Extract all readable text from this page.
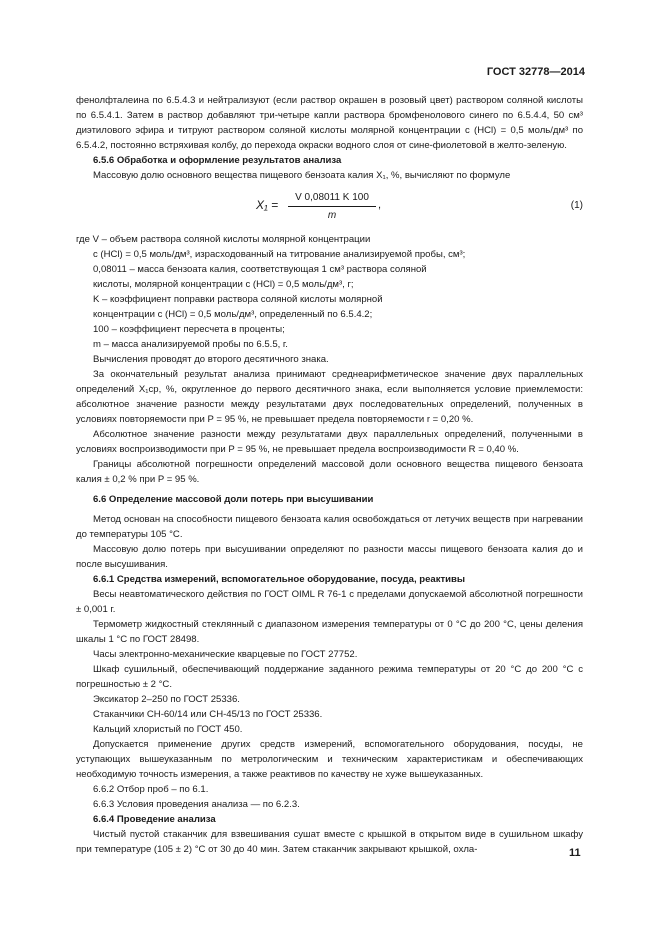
ГОСТ 32778—2014

фенолфталеина по 6.5.4.3 и нейтрализуют (если раствор окрашен в розовый цвет) раствором соляной кислоты по 6.5.4.1. Затем в раствор добавляют три-четыре капли раствора бромфенолового синего по 6.5.4.4, 50 см³ диэтилового эфира и титруют раствором соляной кислоты молярной концентрации c (HCl) = 0,5 моль/дм³ по 6.5.4.2, постоянно встряхивая колбу, до перехода окраски водного слоя от сине-фиолетовой в желто-зеленую.

6.5.6 Обработка и оформление результатов анализа

Массовую долю основного вещества пищевого бензоата калия X₁, %, вычисляют по формуле

$X_1 = \frac{V 0,08011 K 100}{m}$ ,	(1)

где V – объем раствора соляной кислоты молярной концентрации

c (HCl) = 0,5 моль/дм³, израсходованный на титрование анализируемой пробы, см³;

0,08011 – масса бензоата калия, соответствующая 1 см³ раствора соляной

кислоты, молярной концентрации c (HCl) = 0,5 моль/дм³, г;

K – коэффициент поправки раствора соляной кислоты молярной

концентрации c (HCl) = 0,5 моль/дм³, определенный по 6.5.4.2;

100 – коэффициент пересчета в проценты;

m – масса анализируемой пробы по 6.5.5, г.

Вычисления проводят до второго десятичного знака.

За окончательный результат анализа принимают среднеарифметическое значение двух параллельных определений X₁ср, %, округленное до первого десятичного знака, если выполняется условие приемлемости: абсолютное значение разности между результатами двух последовательных определений, полученных в условиях повторяемости при P = 95 %, не превышает предела повторяемости r = 0,20 %.

Абсолютное значение разности между результатами двух параллельных определений, полученными в условиях воспроизводимости при P = 95 %, не превышает предела воспроизводимости R = 0,40 %.

Границы абсолютной погрешности определений массовой доли основного вещества пищевого бензоата калия ± 0,2 % при P = 95 %.

6.6 Определение массовой доли потерь при высушивании

Метод основан на способности пищевого бензоата калия освобождаться от летучих веществ при нагревании до температуры 105 °С.

Массовую долю потерь при высушивании определяют по разности массы пищевого бензоата калия до и после высушивания.

6.6.1 Средства измерений, вспомогательное оборудование, посуда, реактивы

Весы неавтоматического действия по ГОСТ OIML R 76-1 с пределами допускаемой абсолютной погрешности ± 0,001 г.

Термометр жидкостный стеклянный с диапазоном измерения температуры от 0 °С до 200 °С, цены деления шкалы 1 °С по ГОСТ 28498.

Часы электронно-механические кварцевые по ГОСТ 27752.

Шкаф сушильный, обеспечивающий поддержание заданного режима температуры от 20 °С до 200 °С с погрешностью ± 2 °С.

Эксикатор 2–250 по ГОСТ 25336.

Стаканчики СН-60/14 или СН-45/13 по ГОСТ 25336.

Кальций хлористый по ГОСТ 450.

Допускается применение других средств измерений, вспомогательного оборудования, посуды, не уступающих вышеуказанным по метрологическим и техническим характеристикам и обеспечивающих необходимую точность измерения, а также реактивов по качеству не хуже вышеуказанных.

6.6.2 Отбор проб – по 6.1.

6.6.3 Условия проведения анализа — по 6.2.3.

6.6.4 Проведение анализа

Чистый пустой стаканчик для взвешивания сушат вместе с крышкой в открытом виде в сушильном шкафу при температуре (105 ± 2) °С от 30 до 40 мин. Затем стаканчик закрывают крышкой, охла-	11
